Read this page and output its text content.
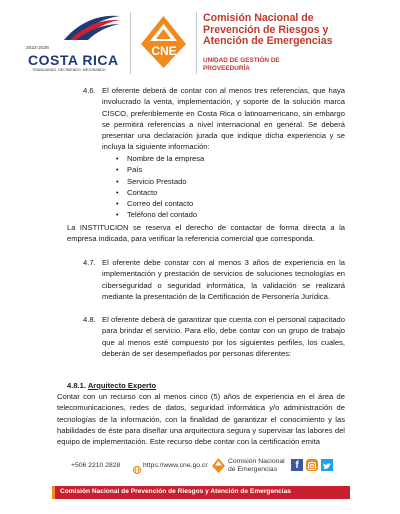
2022-2026
COSTA RICA
TRABAJANDO, DECIDIENDO, MEJORANDO
CNE
Comisión Nacional de
Prevención de Riesgos y
Atención de Emergencias
UNIDAD DE GESTIÓN DE
PROVEEDURÍA
4.6. El oferente deberá de contar con al menos tres referencias, que haya involucrado la venta, implementación, y soporte de la solución marca CISCO, preferiblemente en Costa Rica o latinoamericano, sin embargo se permitirá referencias a nivel internacional en general. Se deberá presentar una declaración jurada que indique dicha experiencia y se incluya la siguiente información:
• Nombre de la empresa
• País
• Servicio Prestado
• Contacto
• Correo del contacto
• Teléfono del contado
La INSTITUCION se reserva el derecho de contactar de forma directa a la empresa indicada, para verificar la referencia comercial que corresponda.
4.7. El oferente debe constar con al menos 3 años de experiencia en la implementación y prestación de servicios de soluciones tecnologías en ciberseguridad o seguridad informática, la validación se realizará mediante la presentación de la Certificación de Personería Jurídica.
4.8. El oferente deberá de garantizar que cuenta con el personal capacitado para brindar el servicio. Para ello, debe contar con un grupo de trabajo que al menos esté compuesto por los siguientes perfiles, los cuales, deberán de ser desempeñados por personas diferentes:
4.8.1. Arquitecto Experto
Contar con un recurso con al menos cinco (5) años de experiencia en el área de telecomunicaciones, redes de datos, seguridad informática y/o administración de tecnologías de la información, con la finalidad de garantizar el conocimiento y las habilidades de éste para diseñar una arquitectura segura y supervisar las labores del equipo de implementación. Este recurso debe contar con la certificación emita
+506 2210 2828	https://www.cne.go.cr
Comisión Nacional
de Emergencias	f
Comisión Nacional de Prevención de Riesgos y Atención de Emergencias
